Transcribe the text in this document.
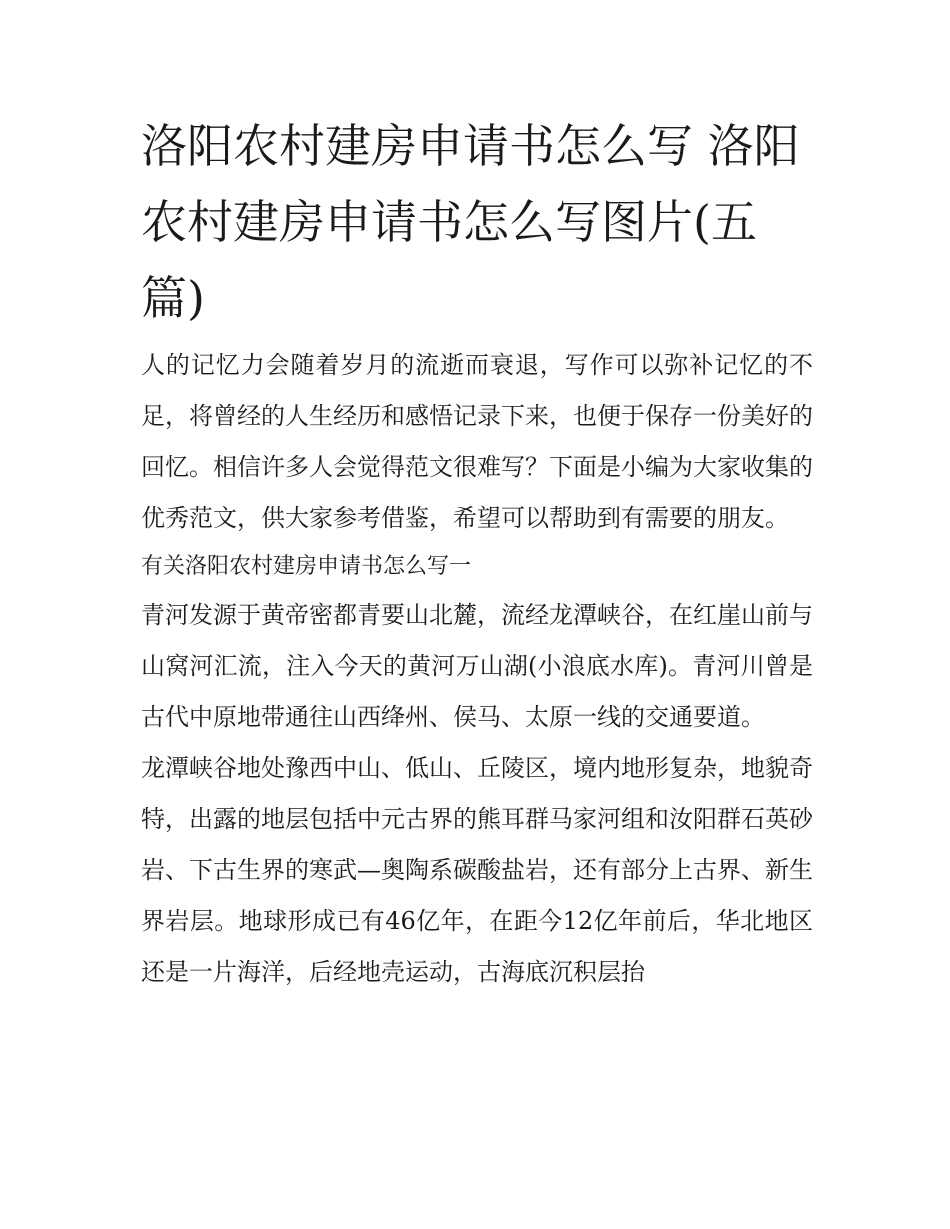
洛阳农村建房申请书怎么写 洛阳农村建房申请书怎么写图片(五篇)

人的记忆力会随着岁月的流逝而衰退，写作可以弥补记忆的不足，将曾经的人生经历和感悟记录下来，也便于保存一份美好的回忆。相信许多人会觉得范文很难写？下面是小编为大家收集的优秀范文，供大家参考借鉴，希望可以帮助到有需要的朋友。

有关洛阳农村建房申请书怎么写一

青河发源于黄帝密都青要山北麓，流经龙潭峡谷，在红崖山前与山窝河汇流，注入今天的黄河万山湖(小浪底水库)。青河川曾是古代中原地带通往山西绛州、侯马、太原一线的交通要道。

龙潭峡谷地处豫西中山、低山、丘陵区，境内地形复杂，地貌奇特，出露的地层包括中元古界的熊耳群马家河组和汝阳群石英砂岩、下古生界的寒武—奥陶系碳酸盐岩，还有部分上古界、新生界岩层。地球形成已有46亿年，在距今12亿年前后，华北地区还是一片海洋，后经地壳运动，古海底沉积层抬
